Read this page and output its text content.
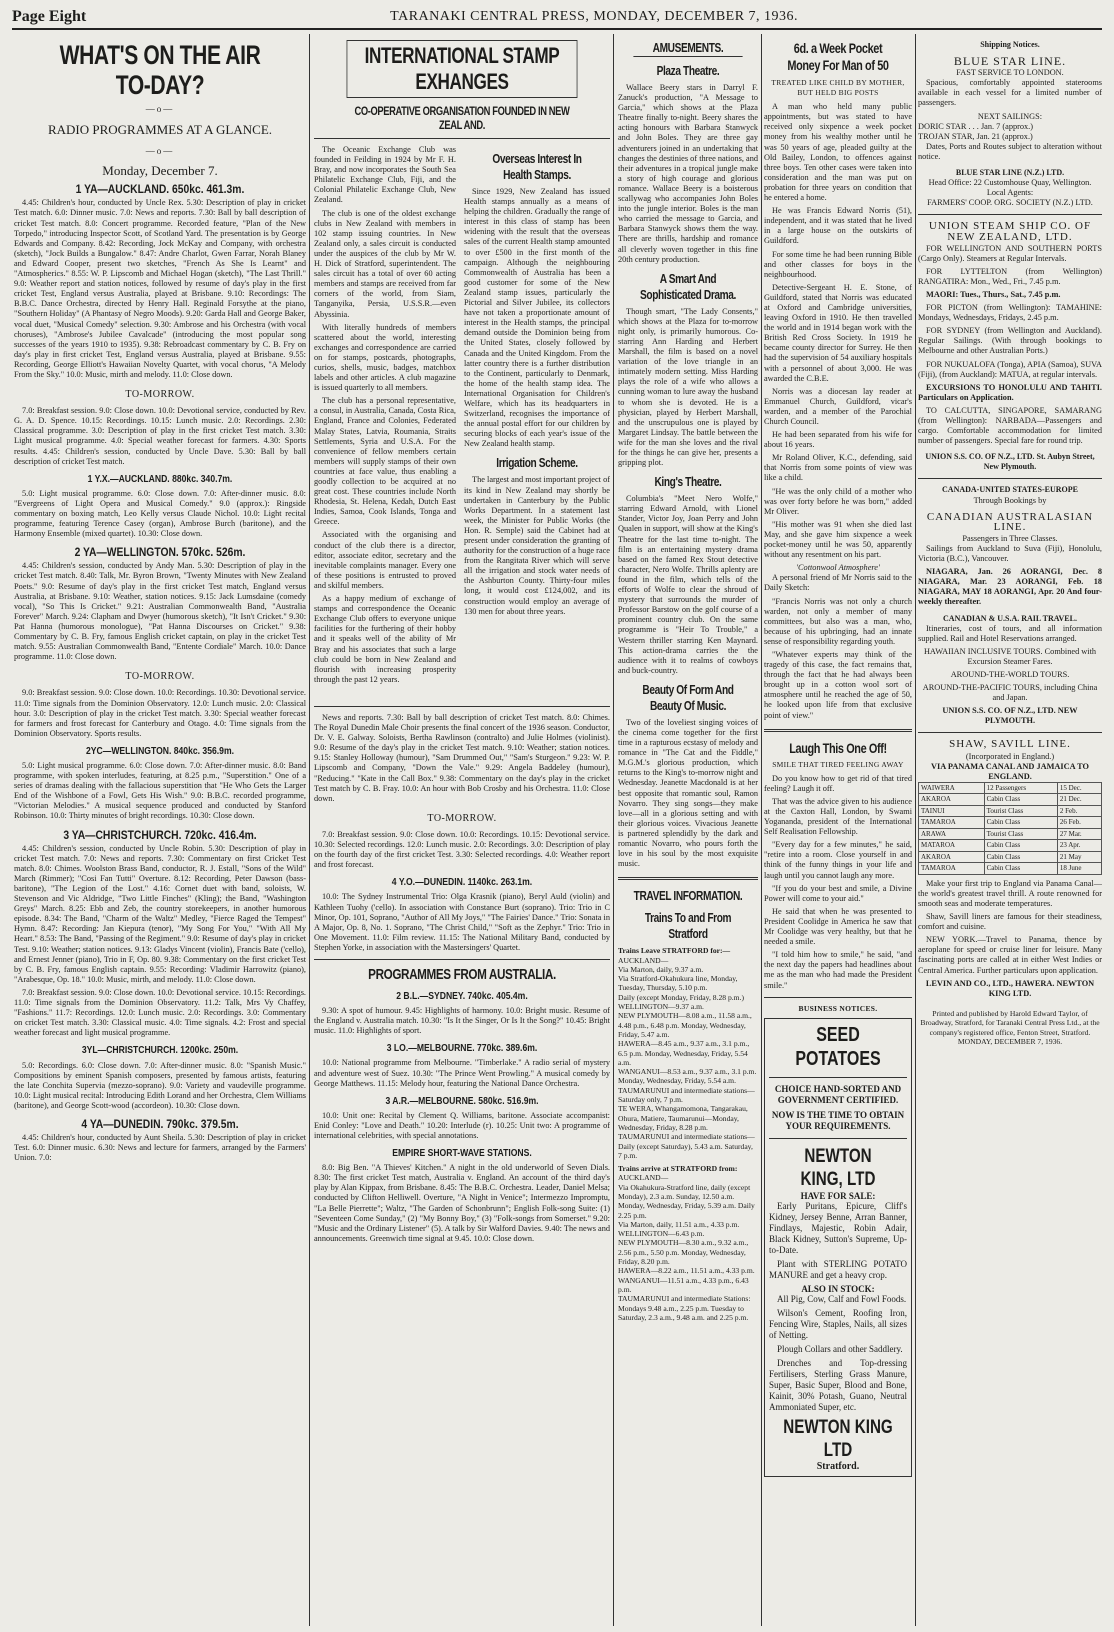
Page Eight	TARANAKI CENTRAL PRESS, MONDAY, DECEMBER 7, 1936.
WHAT'S ON THE AIR TO-DAY?
—o—
RADIO PROGRAMMES AT A GLANCE.
—o—
Monday, December 7.
1 YA—AUCKLAND. 650kc. 461.3m.

4.45: Children's hour, conducted by Uncle Rex. 5.30: Description of play in cricket Test match. 6.0: Dinner music. 7.0: News and reports. 7.30: Ball by ball description of cricket Test match. 8.0: Concert programme. Recorded feature, "Plan of the New Torpedo," introducing Inspector Scott, of Scotland Yard. The presentation is by George Edwards and Company. 8.42: Recording, Jock McKay and Company, with orchestra (sketch), "Jock Builds a Bungalow." 8.47: Andre Charlot, Gwen Farrar, Norah Blaney and Edward Cooper, present two sketches, "French As She Is Learnt" and "Atmospherics." 8.55: W. P. Lipscomb and Michael Hogan (sketch), "The Last Thrill." 9.0: Weather report and station notices, followed by resume of day's play in the first cricket Test, England versus Australia, played at Brisbane. 9.10: Recordings: The B.B.C. Dance Orchestra, directed by Henry Hall. Reginald Forsythe at the piano, "Southern Holiday" (A Phantasy of Negro Moods). 9.20: Garda Hall and George Baker, vocal duet, "Musical Comedy" selection. 9.30: Ambrose and his Orchestra (with vocal choruses), "Ambrose's Jubilee Cavalcade" (introducing the most popular song successes of the years 1910 to 1935). 9.38: Rebroadcast commentary by C. B. Fry on day's play in first cricket Test, England versus Australia, played at Brisbane. 9.55: Recording, George Elliott's Hawaiian Novelty Quartet, with vocal chorus, "A Melody From the Sky." 10.0: Music, mirth and melody. 11.0: Close down.

TO-MORROW.

7.0: Breakfast session. 9.0: Close down. 10.0: Devotional service, conducted by Rev. G. A. D. Spence. 10.15: Recordings. 10.15: Lunch music. 2.0: Recordings. 2.30: Classical programme. 3.0: Description of play in the first cricket Test match. 3.30: Light musical programme. 4.0: Special weather forecast for farmers. 4.30: Sports results. 4.45: Children's session, conducted by Uncle Dave. 5.30: Ball by ball description of cricket Test match.

1 Y.X.—AUCKLAND. 880kc. 340.7m.

5.0: Light musical programme. 6.0: Close down. 7.0: After-dinner music. 8.0: "Evergreens of Light Opera and Musical Comedy." 9.0 (approx.): Ringside commentary on boxing match, Leo Kelly versus Claude Nichol. 10.0: Light recital programme, featuring Terence Casey (organ), Ambrose Burch (baritone), and the Harmony Ensemble (mixed quartet). 10.30: Close down.

2 YA—WELLINGTON. 570kc. 526m.

4.45: Children's session, conducted by Andy Man. 5.30: Description of play in the cricket Test match. 8.40: Talk, Mr. Byron Brown, "Twenty Minutes with New Zealand Poets." 9.0: Resume of day's play in the first cricket Test match, England versus Australia, at Brisbane. 9.10: Weather, station notices. 9.15: Jack Lumsdaine (comedy vocal), "So This Is Cricket." 9.21: Australian Commonwealth Band, "Australia Forever" March. 9.24: Clapham and Dwyer (humorous sketch), "It Isn't Cricket." 9.30: Pat Hanna (humorous monologue), "Pat Hanna Discourses on Cricket." 9.38: Commentary by C. B. Fry, famous English cricket captain, on play in the cricket Test match. 9.55: Australian Commonwealth Band, "Entente Cordiale" March. 10.0: Dance programme. 11.0: Close down.

TO-MORROW.

9.0: Breakfast session. 9.0: Close down. 10.0: Recordings. 10.30: Devotional service. 11.0: Time signals from the Dominion Observatory. 12.0: Lunch music. 2.0: Classical hour. 3.0: Description of play in the cricket Test match. 3.30: Special weather forecast for farmers and frost forecast for Canterbury and Otago. 4.0: Time signals from the Dominion Observatory. Sports results.

2YC—WELLINGTON. 840kc. 356.9m.

5.0: Light musical programme. 6.0: Close down. 7.0: After-dinner music. 8.0: Band programme, with spoken interludes, featuring, at 8.25 p.m., "Superstition." One of a series of dramas dealing with the fallacious superstition that "He Who Gets the Larger End of the Wishbone of a Fowl, Gets His Wish." 9.0: B.B.C. recorded programme, "Victorian Melodies." A musical sequence produced and conducted by Stanford Robinson. 10.0: Thirty minutes of bright recordings. 10.30: Close down.

3 YA—CHRISTCHURCH. 720kc. 416.4m.

4.45: Children's session, conducted by Uncle Robin. 5.30: Description of play in cricket Test match. 7.0: News and reports. 7.30: Commentary on first Cricket Test match. 8.0: Chimes. Woolston Brass Band, conductor, R. J. Estall, "Sons of the Wild" March (Rimmer); "Cosi Fan Tutti" Overture. 8.12: Recording, Peter Dawson (bass-baritone), "The Legion of the Lost." 4.16: Cornet duet with band, soloists, W. Stevenson and Vic Aldridge, "Two Little Finches" (Kling); the Band, "Washington Greys" March. 8.25: Ebb and Zeb, the country storekeepers, in another humorous episode. 8.34: The Band, "Charm of the Waltz" Medley, "Fierce Raged the Tempest" Hymn. 8.47: Recording: Jan Kiepura (tenor), "My Song For You," "With All My Heart." 8.53: The Band, "Passing of the Regiment." 9.0: Resume of day's play in cricket Test. 9.10: Weather; station notices. 9.13: Gladys Vincent (violin), Francis Bate ('cello), and Ernest Jenner (piano), Trio in F, Op. 80. 9.38: Commentary on the first cricket Test by C. B. Fry, famous English captain. 9.55: Recording: Vladimir Harrowitz (piano), "Arabesque, Op. 18." 10.0: Music, mirth, and melody. 11.0: Close down.

7.0: Breakfast session. 9.0: Close down. 10.0: Devotional service. 10.15: Recordings. 11.0: Time signals from the Dominion Observatory. 11.2: Talk, Mrs Vy Chaffey, "Fashions." 11.7: Recordings. 12.0: Lunch music. 2.0: Recordings. 3.0: Commentary on cricket Test match. 3.30: Classical music. 4.0: Time signals. 4.2: Frost and special weather forecast and light musical programme.

3YL—CHRISTCHURCH. 1200kc. 250m.

5.0: Recordings. 6.0: Close down. 7.0: After-dinner music. 8.0: "Spanish Music." Compositions by eminent Spanish composers, presented by famous artists, featuring the late Conchita Supervia (mezzo-soprano). 9.0: Variety and vaudeville programme. 10.0: Light musical recital: Introducing Edith Lorand and her Orchestra, Clem Williams (baritone), and George Scott-wood (accordeon). 10.30: Close down.

4 YA—DUNEDIN. 790kc. 379.5m.

4.45: Children's hour, conducted by Aunt Sheila. 5.30: Description of play in cricket Test. 6.0: Dinner music. 6.30: News and lecture for farmers, arranged by the Farmers' Union. 7.0:

INTERNATIONAL STAMP EXHANGES
CO-OPERATIVE ORGANISATION FOUNDED IN NEW ZEAL AND.

The Oceanic Exchange Club was founded in Feilding in 1924 by Mr F. H. Bray, and now incorporates the South Sea Philatelic Exchange Club, Fiji, and the Colonial Philatelic Exchange Club, New Zealand.

The club is one of the oldest exchange clubs in New Zealand with members in 102 stamp issuing countries. In New Zealand only, a sales circuit is conducted under the auspices of the club by Mr W. H. Dick of Stratford, superintendent. The sales circuit has a total of over 60 acting members and stamps are received from far corners of the world, from Siam, Tanganyika, Persia, U.S.S.R.—even Abyssinia.

With literally hundreds of members scattered about the world, interesting exchanges and correspondence are carried on for stamps, postcards, photographs, curios, shells, music, badges, matchbox labels and other articles. A club magazine is issued quarterly to all members.

The club has a personal representative, a consul, in Australia, Canada, Costa Rica, England, France and Colonies, Federated Malay States, Latvia, Roumania, Straits Settlements, Syria and U.S.A. For the convenience of fellow members certain members will supply stamps of their own countries at face value, thus enabling a goodly collection to be acquired at no great cost. These countries include North Rhodesia, St. Helena, Kedah, Dutch East Indies, Samoa, Cook Islands, Tonga and Greece.

Associated with the organising and conduct of the club there is a director, editor, associate editor, secretary and the inevitable complaints manager. Every one of these positions is entrusted to proved and skilful members.

As a happy medium of exchange of stamps and correspondence the Oceanic Exchange Club offers to everyone unique facilities for the furthering of their hobby and it speaks well of the ability of Mr Bray and his associates that such a large club could be born in New Zealand and flourish with increasing prosperity through the past 12 years.

Overseas Interest In Health Stamps.

Since 1929, New Zealand has issued Health stamps annually as a means of helping the children. Gradually the range of interest in this class of stamp has been widening with the result that the overseas sales of the current Health stamp amounted to over £500 in the first month of the campaign. Although the neighbouring Commonwealth of Australia has been a good customer for some of the New Zealand stamp issues, particularly the Pictorial and Silver Jubilee, its collectors have not taken a proportionate amount of interest in the Health stamps, the principal demand outside the Dominion being from the United States, closely followed by Canada and the United Kingdom. From the latter country there is a further distribution to the Continent, particularly to Denmark, the home of the health stamp idea. The International Organisation for Children's Welfare, which has its headquarters in Switzerland, recognises the importance of the annual postal effort for our children by securing blocks of each year's issue of the New Zealand health stamp.

Irrigation Scheme.

The largest and most important project of its kind in New Zealand may shortly be undertaken in Canterbury by the Public Works Department. In a statement last week, the Minister for Public Works (the Hon. R. Semple) said the Cabinet had at present under consideration the granting of authority for the construction of a huge race from the Rangitata River which will serve all the irrigation and stock water needs of the Ashburton County. Thirty-four miles long, it would cost £124,002, and its construction would employ an average of 130 men for about three years.

News and reports. 7.30: Ball by ball description of cricket Test match. 8.0: Chimes. The Royal Dunedin Male Choir presents the final concert of the 1936 season. Conductor, Dr. V. E. Galway. Soloists, Bertha Rawlinson (contralto) and Julie Holmes (violinist). 9.0: Resume of the day's play in the cricket Test match. 9.10: Weather; station notices. 9.15: Stanley Holloway (humour), "Sam Drummed Out," "Sam's Sturgeon." 9.23: W. P. Lipscomb and Company, "Down the Vale." 9.29: Angela Baddeley (humour), "Reducing." "Kate in the Call Box." 9.38: Commentary on the day's play in the cricket Test match by C. B. Fray. 10.0: An hour with Bob Crosby and his Orchestra. 11.0: Close down.

TO-MORROW.

7.0: Breakfast session. 9.0: Close down. 10.0: Recordings. 10.15: Devotional service. 10.30: Selected recordings. 12.0: Lunch music. 2.0: Recordings. 3.0: Description of play on the fourth day of the first cricket Test. 3.30: Selected recordings. 4.0: Weather report and frost forecast.

4 Y.O.—DUNEDIN. 1140kc. 263.1m.

10.0: The Sydney Instrumental Trio: Olga Krasnik (piano), Beryl Auld (violin) and Kathleen Tuohy ('cello). In association with Constance Burt (soprano). Trio: Trio in C Minor, Op. 101, Soprano, "Author of All My Joys," "The Fairies' Dance." Trio: Sonata in A Major, Op. 8, No. 1. Soprano, "The Christ Child," "Soft as the Zephyr." Trio: Trio in One Movement. 11.0: Film review. 11.15: The National Military Band, conducted by Stephen Yorke, in association with the Mastersingers' Quartet.

PROGRAMMES FROM AUSTRALIA.
2 B.L.—SYDNEY. 740kc. 405.4m.

9.30: A spot of humour. 9.45: Highlights of harmony. 10.0: Bright music. Resume of the England v. Australia match. 10.30: "Is It the Singer, Or Is It the Song?" 10.45: Bright music. 11.0: Highlights of sport.

3 LO.—MELBOURNE. 770kc. 389.6m.

10.0: National programme from Melbourne. "Timberlake." A radio serial of mystery and adventure west of Suez. 10.30: "The Prince Went Prowling." A musical comedy by George Matthews. 11.15: Melody hour, featuring the National Dance Orchestra.

3 A.R.—MELBOURNE. 580kc. 516.9m.

10.0: Unit one: Recital by Clement Q. Williams, baritone. Associate accompanist: Enid Conley: "Love and Death." 10.20: Interlude (r). 10.25: Unit two: A programme of international celebrities, with special annotations.

EMPIRE SHORT-WAVE STATIONS.

8.0: Big Ben. "A Thieves' Kitchen." A night in the old underworld of Seven Dials. 8.30: The first cricket Test match, Australia v. England. An account of the third day's play by Alan Kippax, from Brisbane. 8.45: The B.B.C. Orchestra. Leader, Daniel Melsa; conducted by Clifton Helliwell. Overture, "A Night in Venice"; Intermezzo Impromptu, "La Belle Pierrette"; Waltz, "The Garden of Schonbrunn"; English Folk-song Suite: (1) "Seventeen Come Sunday," (2) "My Bonny Boy," (3) "Folk-songs from Somerset." 9.20: "Music and the Ordinary Listener" (5). A talk by Sir Walford Davies. 9.40: The news and announcements. Greenwich time signal at 9.45. 10.0: Close down.

AMUSEMENTS.
Plaza Theatre.

Wallace Beery stars in Darryl F. Zanuck's production, "A Message to Garcia," which shows at the Plaza Theatre finally to-night. Beery shares the acting honours with Barbara Stanwyck and John Boles. They are three gay adventurers joined in an undertaking that changes the destinies of three nations, and their adventures in a tropical jungle make a story of high courage and glorious romance. Wallace Beery is a boisterous scallywag who accompanies John Boles into the jungle interior. Boles is the man who carried the message to Garcia, and Barbara Stanwyck shows them the way. There are thrills, hardship and romance all cleverly woven together in this fine 20th century production.

A Smart And Sophisticated Drama.

Though smart, "The Lady Consents," which shows at the Plaza for to-morrow night only, is primarily humorous. Co-starring Ann Harding and Herbert Marshall, the film is based on a novel variation of the love triangle in an intimately modern setting. Miss Harding plays the role of a wife who allows a cunning woman to lure away the husband to whom she is devoted. He is a physician, played by Herbert Marshall, and the unscrupulous one is played by Margaret Lindsay. The battle between the wife for the man she loves and the rival for the things he can give her, presents a gripping plot.

King's Theatre.

Columbia's "Meet Nero Wolfe," starring Edward Arnold, with Lionel Stander, Victor Joy, Joan Perry and John Qualen in support, will show at the King's Theatre for the last time to-night. The film is an entertaining mystery drama based on the famed Rex Stout detective character, Nero Wolfe. Thrills aplenty are found in the film, which tells of the efforts of Wolfe to clear the shroud of mystery that surrounds the murder of Professor Barstow on the golf course of a prominent country club. On the same programme is "Heir To Trouble," a Western thriller starring Ken Maynard. This action-drama carries the the audience with it to realms of cowboys and buck-country.

Beauty Of Form And Beauty Of Music.

Two of the loveliest singing voices of the cinema come together for the first time in a rapturous ecstasy of melody and romance in "The Cat and the Fiddle," M.G.M.'s glorious production, which returns to the King's to-morrow night and Wednesday. Jeanette Macdonald is at her best opposite that romantic soul, Ramon Novarro. They sing songs—they make love—all in a glorious setting and with their glorious voices. Vivacious Jeanette is partnered splendidly by the dark and romantic Novarro, who pours forth the love in his soul by the most exquisite music.

TRAVEL INFORMATION.
Trains To and From Stratford
Trains Leave STRATFORD for:—
AUCKLAND—
Via Marton, daily, 9.37 a.m.
Via Stratford-Okahukura line, Monday, Tuesday, Thursday, 5.10 p.m.
Daily (except Monday, Friday, 8.28 p.m.)
WELLINGTON—9.37 a.m.
NEW PLYMOUTH—8.08 a.m., 11.58 a.m., 4.48 p.m., 6.48 p.m. Monday, Wednesday, Friday, 5.47 a.m.
HAWERA—8.45 a.m., 9.37 a.m., 3.1 p.m., 6.5 p.m. Monday, Wednesday, Friday, 5.54 a.m.
WANGANUI—8.53 a.m., 9.37 a.m., 3.1 p.m. Monday, Wednesday, Friday, 5.54 a.m.
TAUMARUNUI and intermediate stations—Saturday only, 7 p.m.
TE WERA, Whangamomona, Tangarakau, Ohura, Matiere, Taumarunui—Monday, Wednesday, Friday, 8.28 p.m.
TAUMARUNUI and intermediate stations—Daily (except Saturday), 5.43 a.m. Saturday, 7 p.m.
Trains arrive at STRATFORD from:
AUCKLAND—
Via Okahukura-Stratford line, daily (except Monday), 2.3 a.m. Sunday, 12.50 a.m. Monday, Wednesday, Friday, 5.39 a.m. Daily 2.25 p.m.
Via Marton, daily, 11.51 a.m., 4.33 p.m.
WELLINGTON—6.43 p.m.
NEW PLYMOUTH—8.30 a.m., 9.32 a.m., 2.56 p.m., 5.50 p.m. Monday, Wednesday, Friday, 8.20 p.m.
HAWERA—8.22 a.m., 11.51 a.m., 4.33 p.m.
WANGANUI—11.51 a.m., 4.33 p.m., 6.43 p.m.
TAUMARUNUI and intermediate Stations: Mondays 9.48 a.m., 2.25 p.m. Tuesday to Saturday, 2.3 a.m., 9.48 a.m. and 2.25 p.m.
6d. a Week Pocket Money For Man of 50
TREATED LIKE CHILD BY MOTHER, BUT HELD BIG POSTS

A man who held many public appointments, but was stated to have received only sixpence a week pocket money from his wealthy mother until he was 50 years of age, pleaded guilty at the Old Bailey, London, to offences against three boys. Ten other cases were taken into consideration and the man was put on probation for three years on condition that he entered a home.

He was Francis Edward Norris (51), independent, and it was stated that he lived in a large house on the outskirts of Guildford.

For some time he had been running Bible and other classes for boys in the neighbourhood.

Detective-Sergeant H. E. Stone, of Guildford, stated that Norris was educated at Oxford and Cambridge universities, leaving Oxford in 1910. He then travelled the world and in 1914 began work with the British Red Cross Society. In 1919 he became county director for Surrey. He then had the supervision of 54 auxiliary hospitals with a personnel of about 3,000. He was awarded the C.B.E.

Norris was a diocesan lay reader at Emmanuel Church, Guildford, vicar's warden, and a member of the Parochial Church Council.

He had been separated from his wife for about 16 years.

Mr Roland Oliver, K.C., defending, said that Norris from some points of view was like a child.

"He was the only child of a mother who was over forty before he was born," added Mr Oliver.

"His mother was 91 when she died last May, and she gave him sixpence a week pocket-money until he was 50, apparently without any resentment on his part.

'Cottonwool Atmosphere'

A personal friend of Mr Norris said to the Daily Sketch:

"Francis Norris was not only a church warden, not only a member of many committees, but also was a man, who, because of his upbringing, had an innate sense of responsibility regarding youth.

"Whatever experts may think of the tragedy of this case, the fact remains that, through the fact that he had always been brought up in a cotton wool sort of atmosphere until he reached the age of 50, he looked upon life from that exclusive point of view."

Laugh This One Off!
SMILE THAT TIRED FEELING AWAY

Do you know how to get rid of that tired feeling? Laugh it off.

That was the advice given to his audience at the Caxton Hall, London, by Swami Yogananda, president of the International Self Realisation Fellowship.

"Every day for a few minutes," he said, "retire into a room. Close yourself in and think of the funny things in your life and laugh until you cannot laugh any more.

"If you do your best and smile, a Divine Power will come to your aid."

He said that when he was presented to President Coolidge in America he saw that Mr Coolidge was very healthy, but that he needed a smile.

"I told him how to smile," he said, "and the next day the papers had headlines about me as the man who had made the President smile."

BUSINESS NOTICES.
SEED POTATOES
CHOICE HAND-SORTED AND GOVERNMENT CERTIFIED.
NOW IS THE TIME TO OBTAIN YOUR REQUIREMENTS.
NEWTON KING, LTD
HAVE FOR SALE:

Early Puritans, Epicure, Cliff's Kidney, Jersey Benne, Arran Banner, Findlays, Majestic, Robin Adair, Black Kidney, Sutton's Supreme, Up-to-Date.

Plant with STERLING POTATO MANURE and get a heavy crop.

ALSO IN STOCK:

All Pig, Cow, Calf and Fowl Foods.

Wilson's Cement, Roofing Iron, Fencing Wire, Staples, Nails, all sizes of Netting.

Plough Collars and other Saddlery.

Drenches and Top-dressing Fertilisers, Sterling Grass Manure, Super, Basic Super, Blood and Bone, Kainit, 30% Potash, Guano, Neutral Ammoniated Super, etc.

NEWTON KING LTD
Stratford.
Shipping Notices.
BLUE STAR LINE.
FAST SERVICE TO LONDON.

Spacious, comfortably appointed staterooms available in each vessel for a limited number of passengers.

NEXT SAILINGS:
DORIC STAR . . . Jan. 7 (approx.)
TROJAN STAR, Jan. 21 (approx.)

Dates, Ports and Routes subject to alteration without notice.

BLUE STAR LINE (N.Z.) LTD.
Head Office: 22 Customhouse Quay, Wellington.
Local Agents:
FARMERS' COOP. ORG. SOCIETY (N.Z.) LTD.
UNION STEAM SHIP CO. OF NEW ZEALAND, LTD.

FOR WELLINGTON AND SOUTHERN PORTS (Cargo Only). Steamers at Regular Intervals.

FOR LYTTELTON (from Wellington) RANGATIRA: Mon., Wed., Fri., 7.45 p.m.

MAORI: Tues., Thurs., Sat., 7.45 p.m.

FOR PICTON (from Wellington): TAMAHINE: Mondays, Wednesdays, Fridays, 2.45 p.m.

FOR SYDNEY (from Wellington and Auckland). Regular Sailings. (With through bookings to Melbourne and other Australian Ports.)

FOR NUKUALOFA (Tonga), APIA (Samoa), SUVA (Fiji), (from Auckland): MATUA, at regular intervals.

EXCURSIONS TO HONOLULU AND TAHITI. Particulars on Application.

TO CALCUTTA, SINGAPORE, SAMARANG (from Wellington): NARBADA—Passengers and cargo. Comfortable accommodation for limited number of passengers. Special fare for round trip.

UNION S.S. CO. OF N.Z., LTD. St. Aubyn Street, New Plymouth.
CANADA-UNITED STATES-EUROPE
Through Bookings by
CANADIAN AUSTRALASIAN LINE.
Passengers in Three Classes.

Sailings from Auckland to Suva (Fiji), Honolulu, Victoria (B.C.), Vancouver.

NIAGARA, Jan. 26 AORANGI, Dec. 8 NIAGARA, Mar. 23 AORANGI, Feb. 18 NIAGARA, MAY 18 AORANGI, Apr. 20 And four-weekly thereafter.

CANADIAN & U.S.A. RAIL TRAVEL.

Itineraries, cost of tours, and all information supplied. Rail and Hotel Reservations arranged.

HAWAIIAN INCLUSIVE TOURS. Combined with Excursion Steamer Fares.
AROUND-THE-WORLD TOURS.
AROUND-THE-PACIFIC TOURS, including China and Japan.
UNION S.S. CO. OF N.Z., LTD. NEW PLYMOUTH.
SHAW, SAVILL LINE.
(Incorporated in England.)
VIA PANAMA CANAL AND JAMAICA TO ENGLAND.
WAIWERA	12 Passengers	15 Dec.
AKAROA	Cabin Class	21 Dec.
TAINUI	Tourist Class	2 Feb.
TAMAROA	Cabin Class	26 Feb.
ARAWA	Tourist Class	27 Mar.
MATAROA	Cabin Class	23 Apr.
AKAROA	Cabin Class	21 May
TAMAROA	Cabin Class	18 June

Make your first trip to England via Panama Canal—the world's greatest travel thrill. A route renowned for smooth seas and moderate temperatures.

Shaw, Savill liners are famous for their steadiness, comfort and cuisine.

NEW YORK.—Travel to Panama, thence by aeroplane for speed or cruise liner for leisure. Many fascinating ports are called at in either West Indies or Central America. Further particulars upon application.

LEVIN AND CO., LTD., HAWERA. NEWTON KING LTD.
Printed and published by Harold Edward Taylor, of Broadway, Stratford, for Taranaki Central Press Ltd., at the company's registered office, Fenton Street, Stratford. MONDAY, DECEMBER 7, 1936.
